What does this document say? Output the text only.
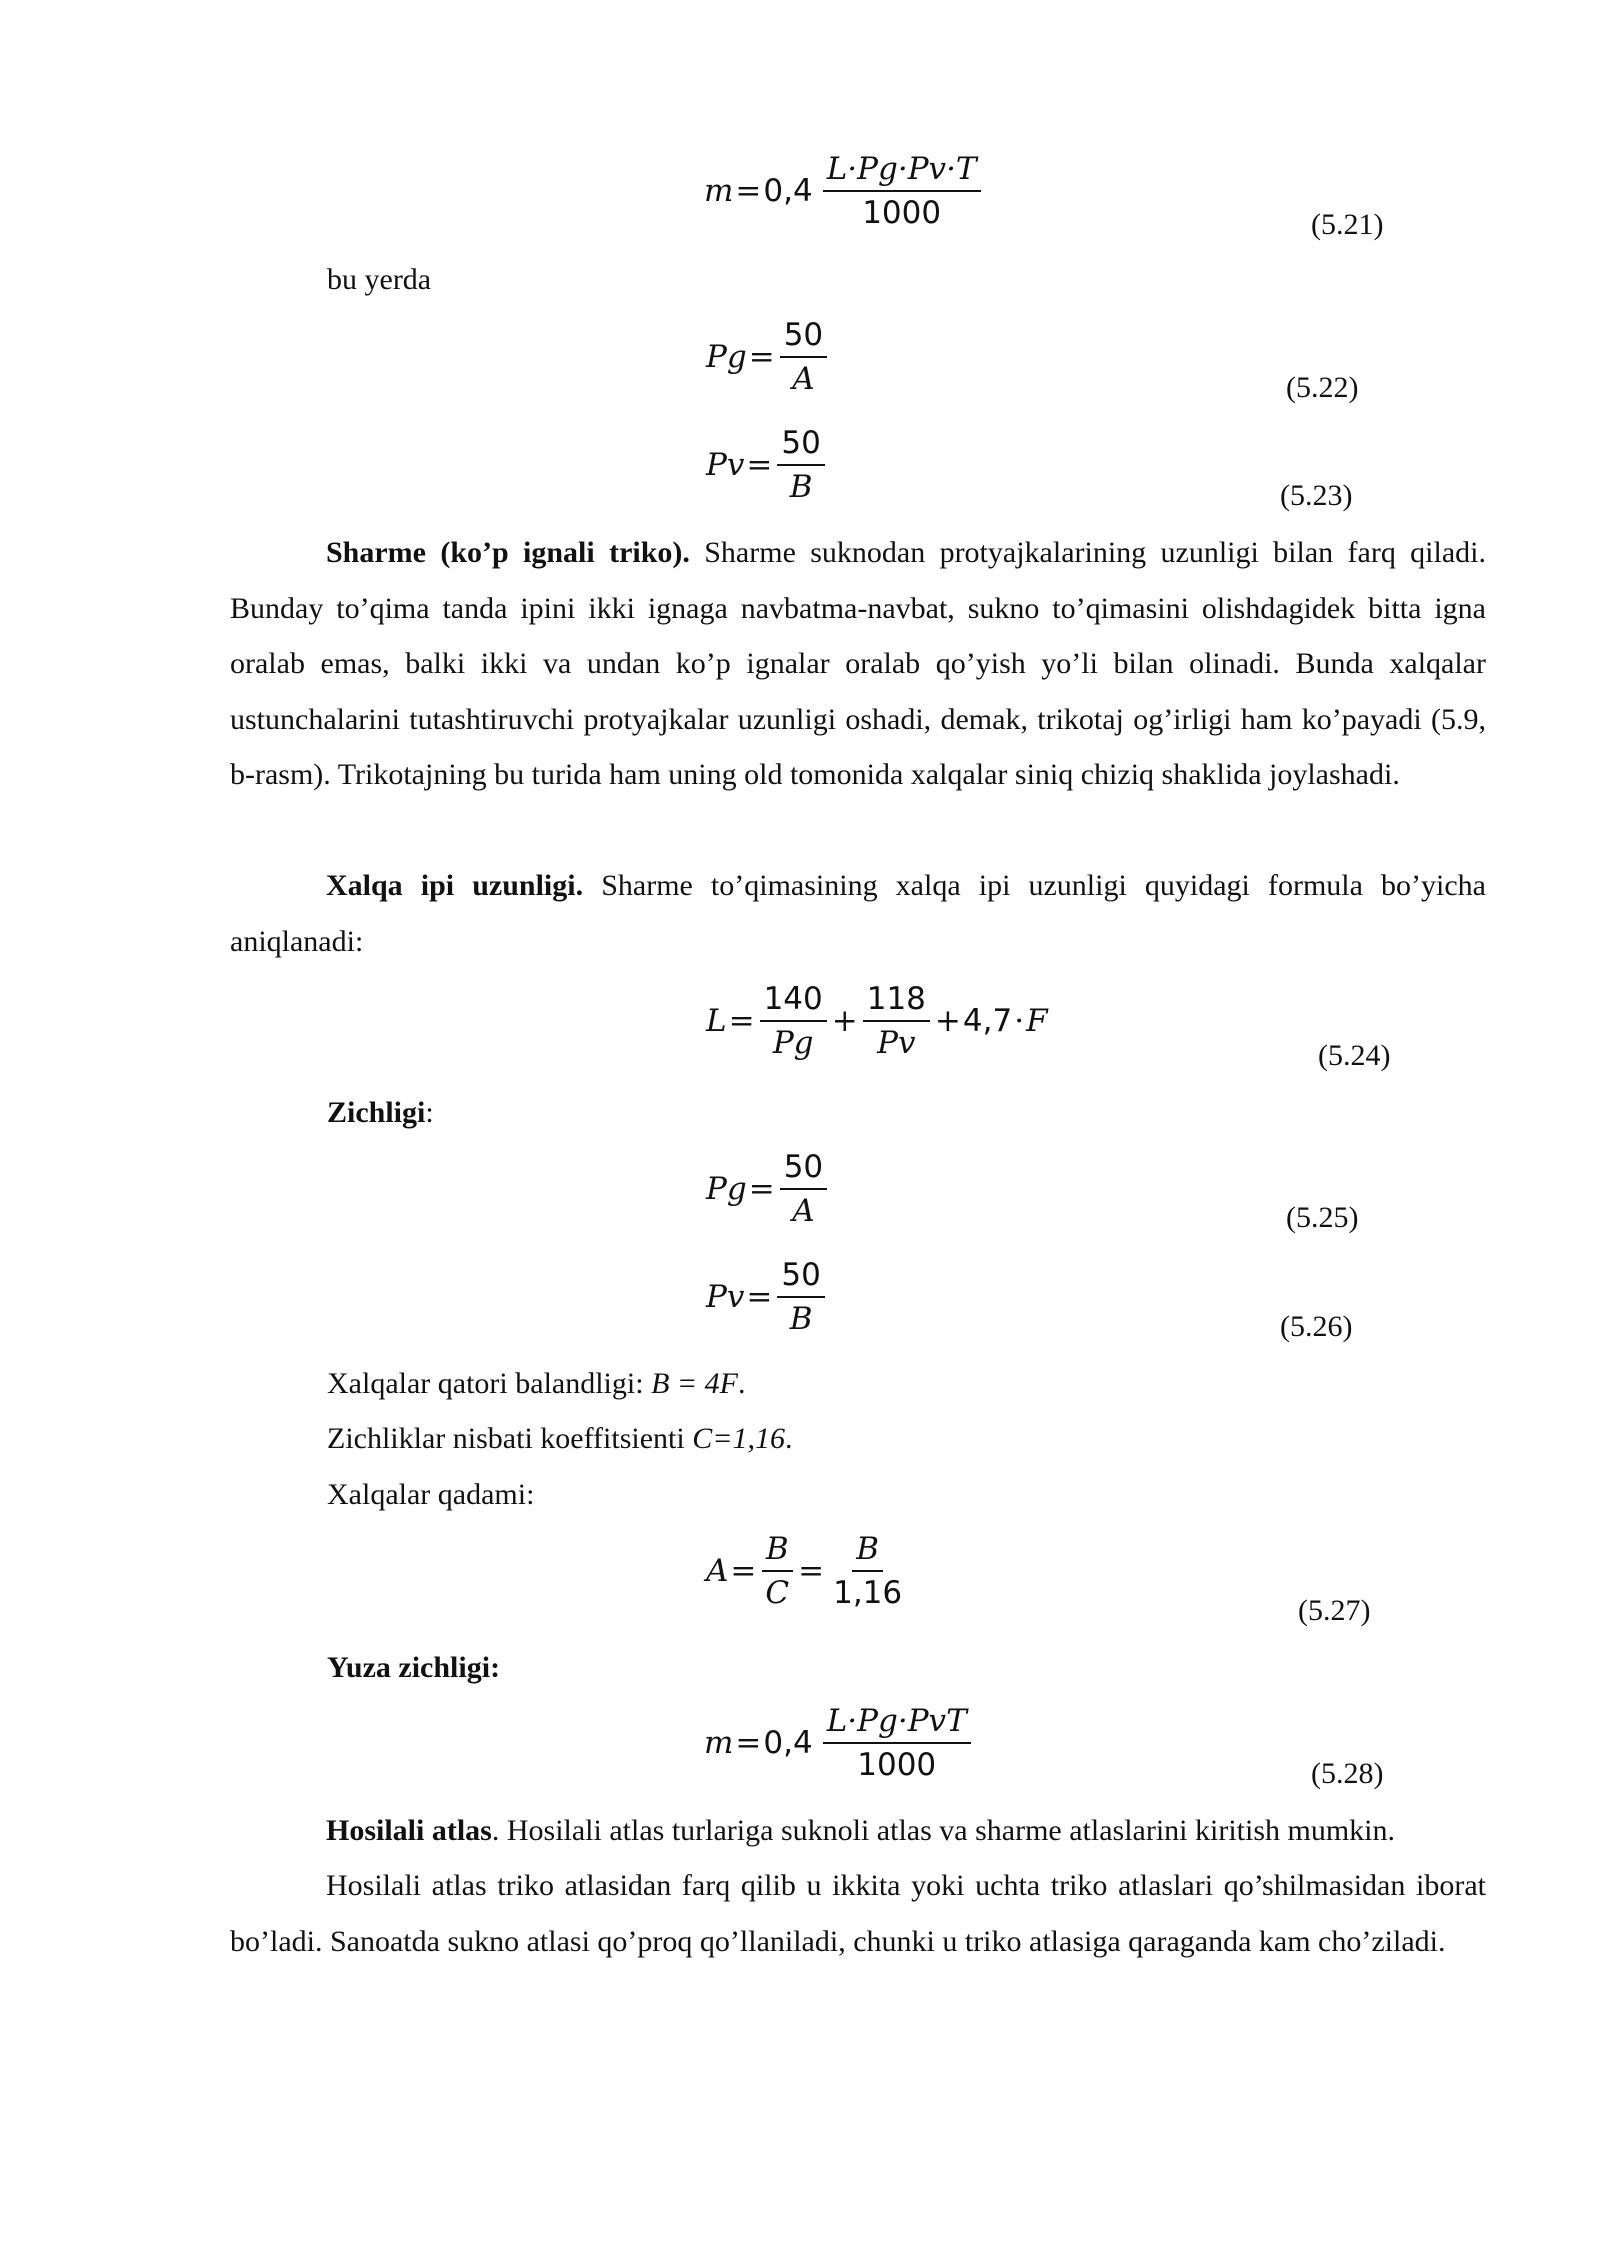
$m = 0,4 \frac{L\cdot Pg\cdot Pv\cdot T}{1000}$	(5.21)
bu yerda
$Pg = \frac{50}{A}$	(5.22)
$Pv = \frac{50}{B}$	(5.23)
Sharme (ko’p ignali triko). Sharme suknodan protyajkalarining uzunligi bilan farq qiladi. Bunday to’qima tanda ipini ikki ignaga navbatma-navbat, sukno to’qimasini olishdagidek bitta igna oralab emas, balki ikki va undan ko’p ignalar oralab qo’yish yo’li bilan olinadi. Bunda xalqalar ustunchalarini tutashtiruvchi protyajkalar uzunligi oshadi, demak, trikotaj og’irligi ham ko’payadi (5.9, b-rasm). Trikotajning bu turida ham uning old tomonida xalqalar siniq chiziq shaklida joylashadi.
Xalqa ipi uzunligi. Sharme to’qimasining xalqa ipi uzunligi quyidagi formula bo’yicha aniqlanadi:
$L = \frac{140}{Pg} + \frac{118}{Pv} + 4,7 \cdot F$
(5.24)
Zichligi:
$Pg = \frac{50}{A}$	(5.25)
$Pv = \frac{50}{B}$	(5.26)
Xalqalar qatori balandligi: B = 4F.
Zichliklar nisbati koeffitsienti C=1,16.
Xalqalar qadami:
$A = \frac{B}{C} = \frac{B}{1,16}$	(5.27)
Yuza zichligi:
$m = 0,4 \frac{\text{L·Pg·PvT}}{1000}$	(5.28)
Hosilali atlas. Hosilali atlas turlariga suknoli atlas va sharme atlaslarini kiritish mumkin.
Hosilali atlas triko atlasidan farq qilib u ikkita yoki uchta triko atlaslari qo’shilmasidan iborat bo’ladi. Sanoatda sukno atlasi qo’proq qo’llaniladi, chunki u triko atlasiga qaraganda kam cho’ziladi.
